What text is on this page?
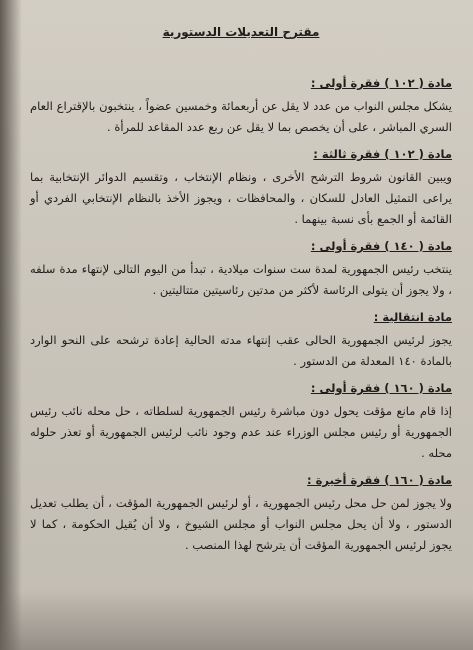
مقترح التعديلات الدستورية
مادة ( ١٠٢ ) فقرة أولى :

يشكل مجلس النواب من عدد لا يقل عن أربعمائة وخمسين عضواً ، ينتخبون بالإقتراع العام السري المباشر ، على أن يخصص بما لا يقل عن ربع عدد المقاعد للمرأة .

مادة ( ١٠٢ ) فقرة ثالثة :

ويبين القانون شروط الترشح الأخرى ، ونظام الإنتخاب ، وتقسيم الدوائر الإنتخابية بما يراعى التمثيل العادل للسكان ، والمحافظات ، ويجوز الأخذ بالنظام الإنتخابي الفردي أو القائمة أو الجمع بأى نسبة بينهما .

مادة ( ١٤٠ ) فقرة أولى :

ينتخب رئيس الجمهورية لمدة ست سنوات ميلادية ، تبدأ من اليوم التالى لإنتهاء مدة سلفه ، ولا يجوز أن يتولى الرئاسة لأكثر من مدتين رئاسيتين متتاليتين .

مادة انتقالية :

يجوز لرئيس الجمهورية الحالى عقب إنتهاء مدته الحالية إعادة ترشحه على النحو الوارد بالمادة ١٤٠ المعدلة من الدستور .

مادة ( ١٦٠ ) فقرة أولى :

إذا قام مانع مؤقت يحول دون مباشرة رئيس الجمهورية لسلطاته ، حل محله نائب رئيس الجمهورية أو رئيس مجلس الوزراء عند عدم وجود نائب لرئيس الجمهورية أو تعذر حلوله محله .

مادة ( ١٦٠ ) فقرة أخيرة :

ولا يجوز لمن حل محل رئيس الجمهورية ، أو لرئيس الجمهورية المؤقت ، أن يطلب تعديل الدستور ، ولا أن يحل مجلس النواب أو مجلس الشيوخ ، ولا أن يُقيل الحكومة ، كما لا يجوز لرئيس الجمهورية المؤقت أن يترشح لهذا المنصب .
